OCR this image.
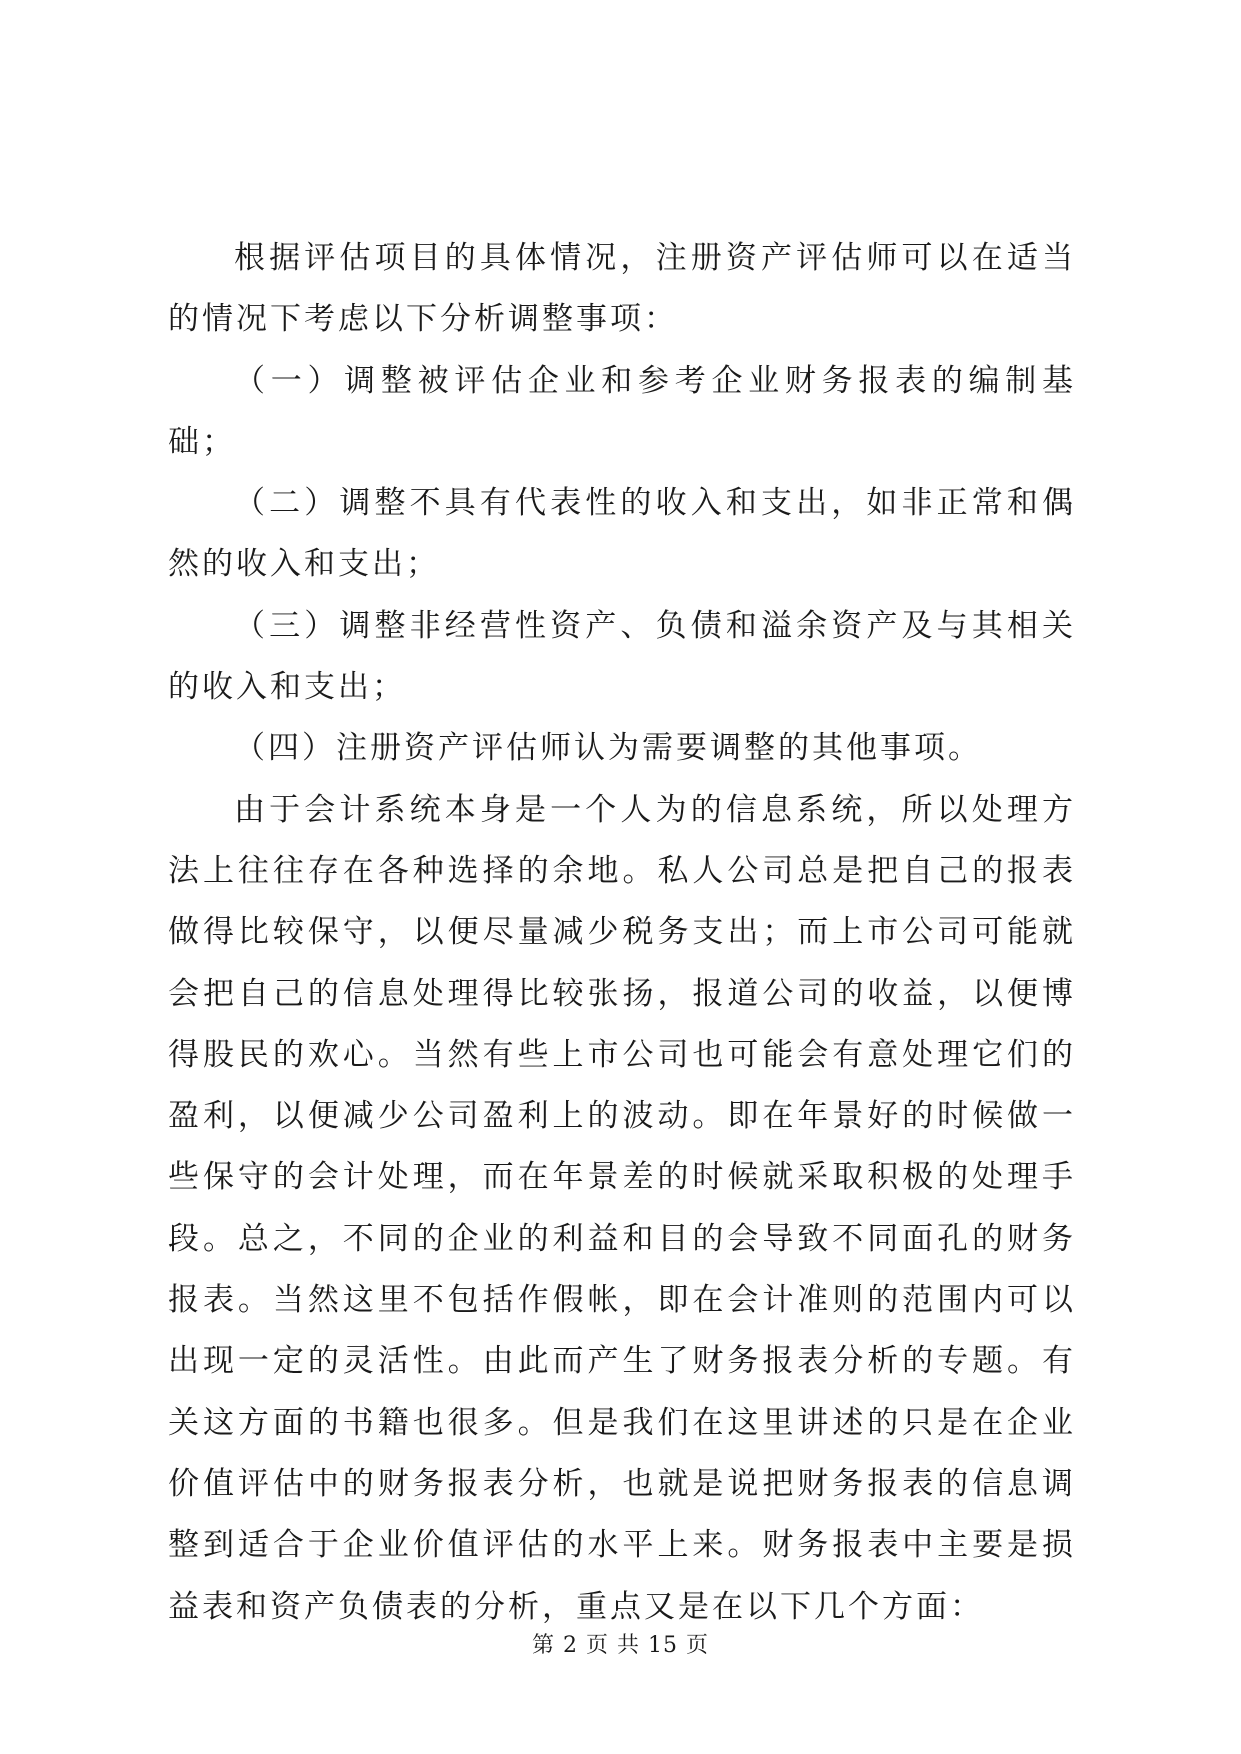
根据评估项目的具体情况，注册资产评估师可以在适当的情况下考虑以下分析调整事项：

（一）调整被评估企业和参考企业财务报表的编制基础；

（二）调整不具有代表性的收入和支出，如非正常和偶然的收入和支出；

（三）调整非经营性资产、负债和溢余资产及与其相关的收入和支出；

（四）注册资产评估师认为需要调整的其他事项。

由于会计系统本身是一个人为的信息系统，所以处理方法上往往存在各种选择的余地。私人公司总是把自己的报表做得比较保守，以便尽量减少税务支出；而上市公司可能就会把自己的信息处理得比较张扬，报道公司的收益，以便博得股民的欢心。当然有些上市公司也可能会有意处理它们的盈利，以便减少公司盈利上的波动。即在年景好的时候做一些保守的会计处理，而在年景差的时候就采取积极的处理手段。总之，不同的企业的利益和目的会导致不同面孔的财务报表。当然这里不包括作假帐，即在会计准则的范围内可以出现一定的灵活性。由此而产生了财务报表分析的专题。有关这方面的书籍也很多。但是我们在这里讲述的只是在企业价值评估中的财务报表分析，也就是说把财务报表的信息调整到适合于企业价值评估的水平上来。财务报表中主要是损益表和资产负债表的分析，重点又是在以下几个方面：

第 2 页 共 15 页
